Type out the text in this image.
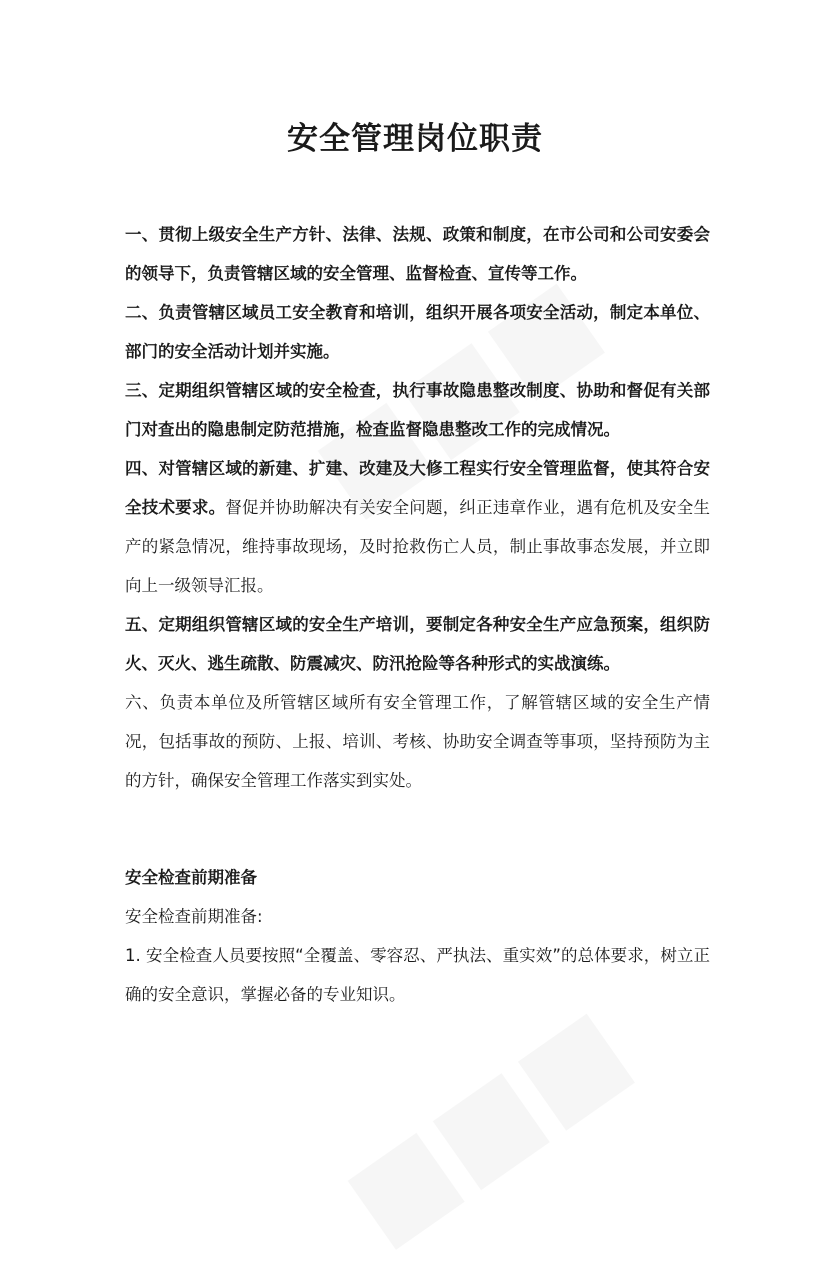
安全管理岗位职责

一、贯彻上级安全生产方针、法律、法规、政策和制度，在市公司和公司安委会的领导下，负责管辖区域的安全管理、监督检查、宣传等工作。

二、负责管辖区域员工安全教育和培训，组织开展各项安全活动，制定本单位、部门的安全活动计划并实施。

三、定期组织管辖区域的安全检查，执行事故隐患整改制度、协助和督促有关部门对查出的隐患制定防范措施，检查监督隐患整改工作的完成情况。

四、对管辖区域的新建、扩建、改建及大修工程实行安全管理监督，使其符合安全技术要求。督促并协助解决有关安全问题，纠正违章作业，遇有危机及安全生产的紧急情况，维持事故现场，及时抢救伤亡人员，制止事故事态发展，并立即向上一级领导汇报。

五、定期组织管辖区域的安全生产培训，要制定各种安全生产应急预案，组织防火、灭火、逃生疏散、防震减灾、防汛抢险等各种形式的实战演练。

六、负责本单位及所管辖区域所有安全管理工作，了解管辖区域的安全生产情况，包括事故的预防、上报、培训、考核、协助安全调查等事项，坚持预防为主的方针，确保安全管理工作落实到实处。

安全检查前期准备

安全检查前期准备:

1. 安全检查人员要按照“全覆盖、零容忍、严执法、重实效”的总体要求，树立正确的安全意识，掌握必备的专业知识。
